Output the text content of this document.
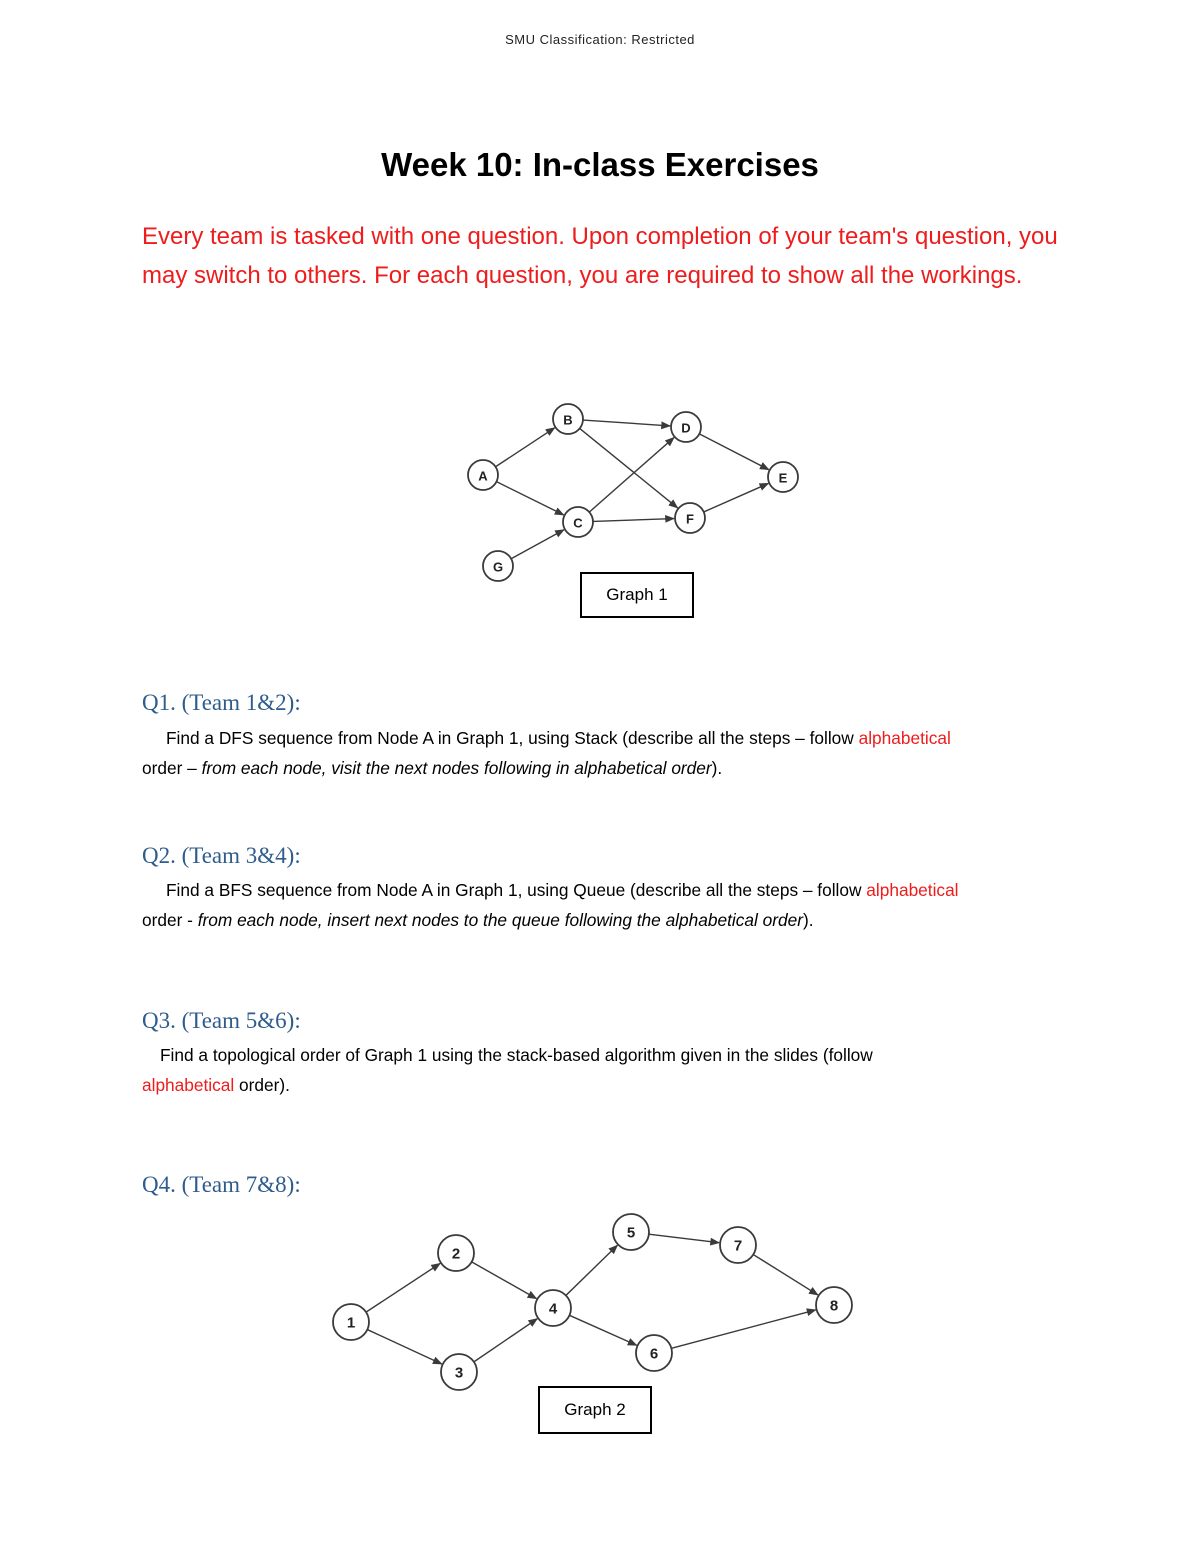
SMU Classification: Restricted
Week 10: In-class Exercises
Every team is tasked with one question. Upon completion of your team's question, you may switch to others. For each question, you are required to show all the workings.
A
B
C
D
E
F
G
Graph 1
Q1. (Team 1&2):
Find a DFS sequence from Node A in Graph 1, using Stack (describe all the steps – follow alphabetical
order – from each node, visit the next nodes following in alphabetical order).
Q2. (Team 3&4):
Find a BFS sequence from Node A in Graph 1, using Queue (describe all the steps – follow alphabetical
order - from each node, insert next nodes to the queue following the alphabetical order).
Q3. (Team 5&6):
Find a topological order of Graph 1 using the stack-based algorithm given in the slides (follow
alphabetical order).
Q4. (Team 7&8):
1
2
3
4
5
6
7
8
Graph 2
